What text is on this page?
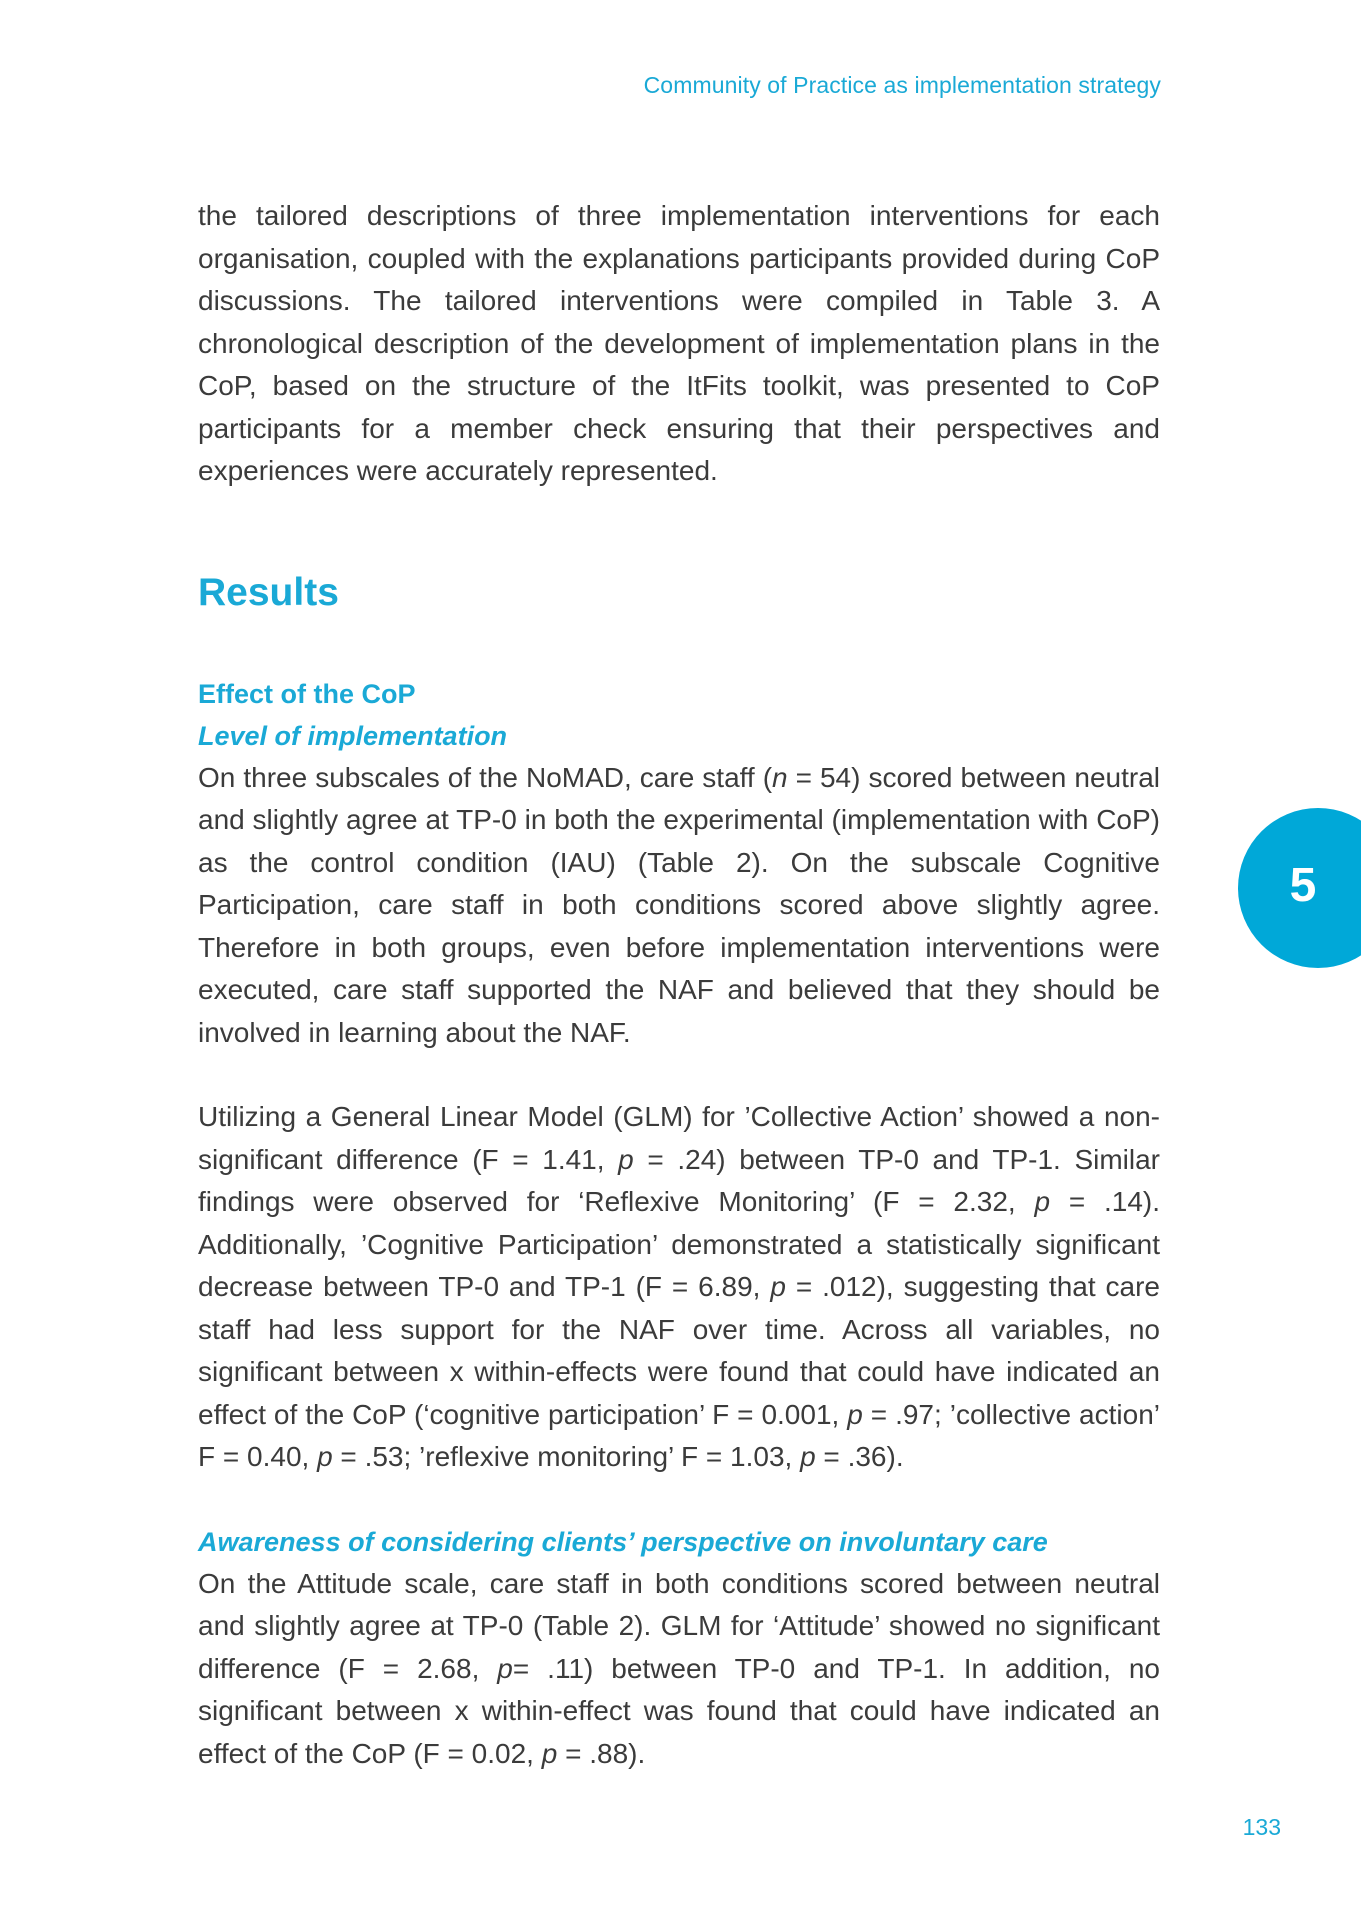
Community of Practice as implementation strategy

the tailored descriptions of three implementation interventions for each organisation, coupled with the explanations participants provided during CoP discussions. The tailored interventions were compiled in Table 3. A chronological description of the development of implementation plans in the CoP, based on the structure of the ItFits toolkit, was presented to CoP participants for a member check ensuring that their perspectives and experiences were accurately represented.

Results
Effect of the CoP
Level of implementation

On three subscales of the NoMAD, care staff (n = 54) scored between neutral and slightly agree at TP-0 in both the experimental (implementation with CoP) as the control condition (IAU) (Table 2). On the subscale Cognitive Participation, care staff in both conditions scored above slightly agree. Therefore in both groups, even before implementation interventions were executed, care staff supported the NAF and believed that they should be involved in learning about the NAF.

Utilizing a General Linear Model (GLM) for ’Collective Action’ showed a non-significant difference (F = 1.41, p = .24) between TP-0 and TP-1. Similar findings were observed for ‘Reflexive Monitoring’ (F = 2.32, p = .14). Additionally, ’Cognitive Participation’ demonstrated a statistically significant decrease between TP-0 and TP-1 (F = 6.89, p = .012), suggesting that care staff had less support for the NAF over time. Across all variables, no significant between x within-effects were found that could have indicated an effect of the CoP (‘cognitive participation’ F = 0.001, p = .97; ’collective action’ F = 0.40, p = .53; ’reflexive monitoring’ F = 1.03, p = .36).

Awareness of considering clients’ perspective on involuntary care

On the Attitude scale, care staff in both conditions scored between neutral and slightly agree at TP-0 (Table 2). GLM for ‘Attitude’ showed no significant difference (F = 2.68, p= .11) between TP-0 and TP-1. In addition, no significant between x within-effect was found that could have indicated an effect of the CoP (F = 0.02, p = .88).

5
133
